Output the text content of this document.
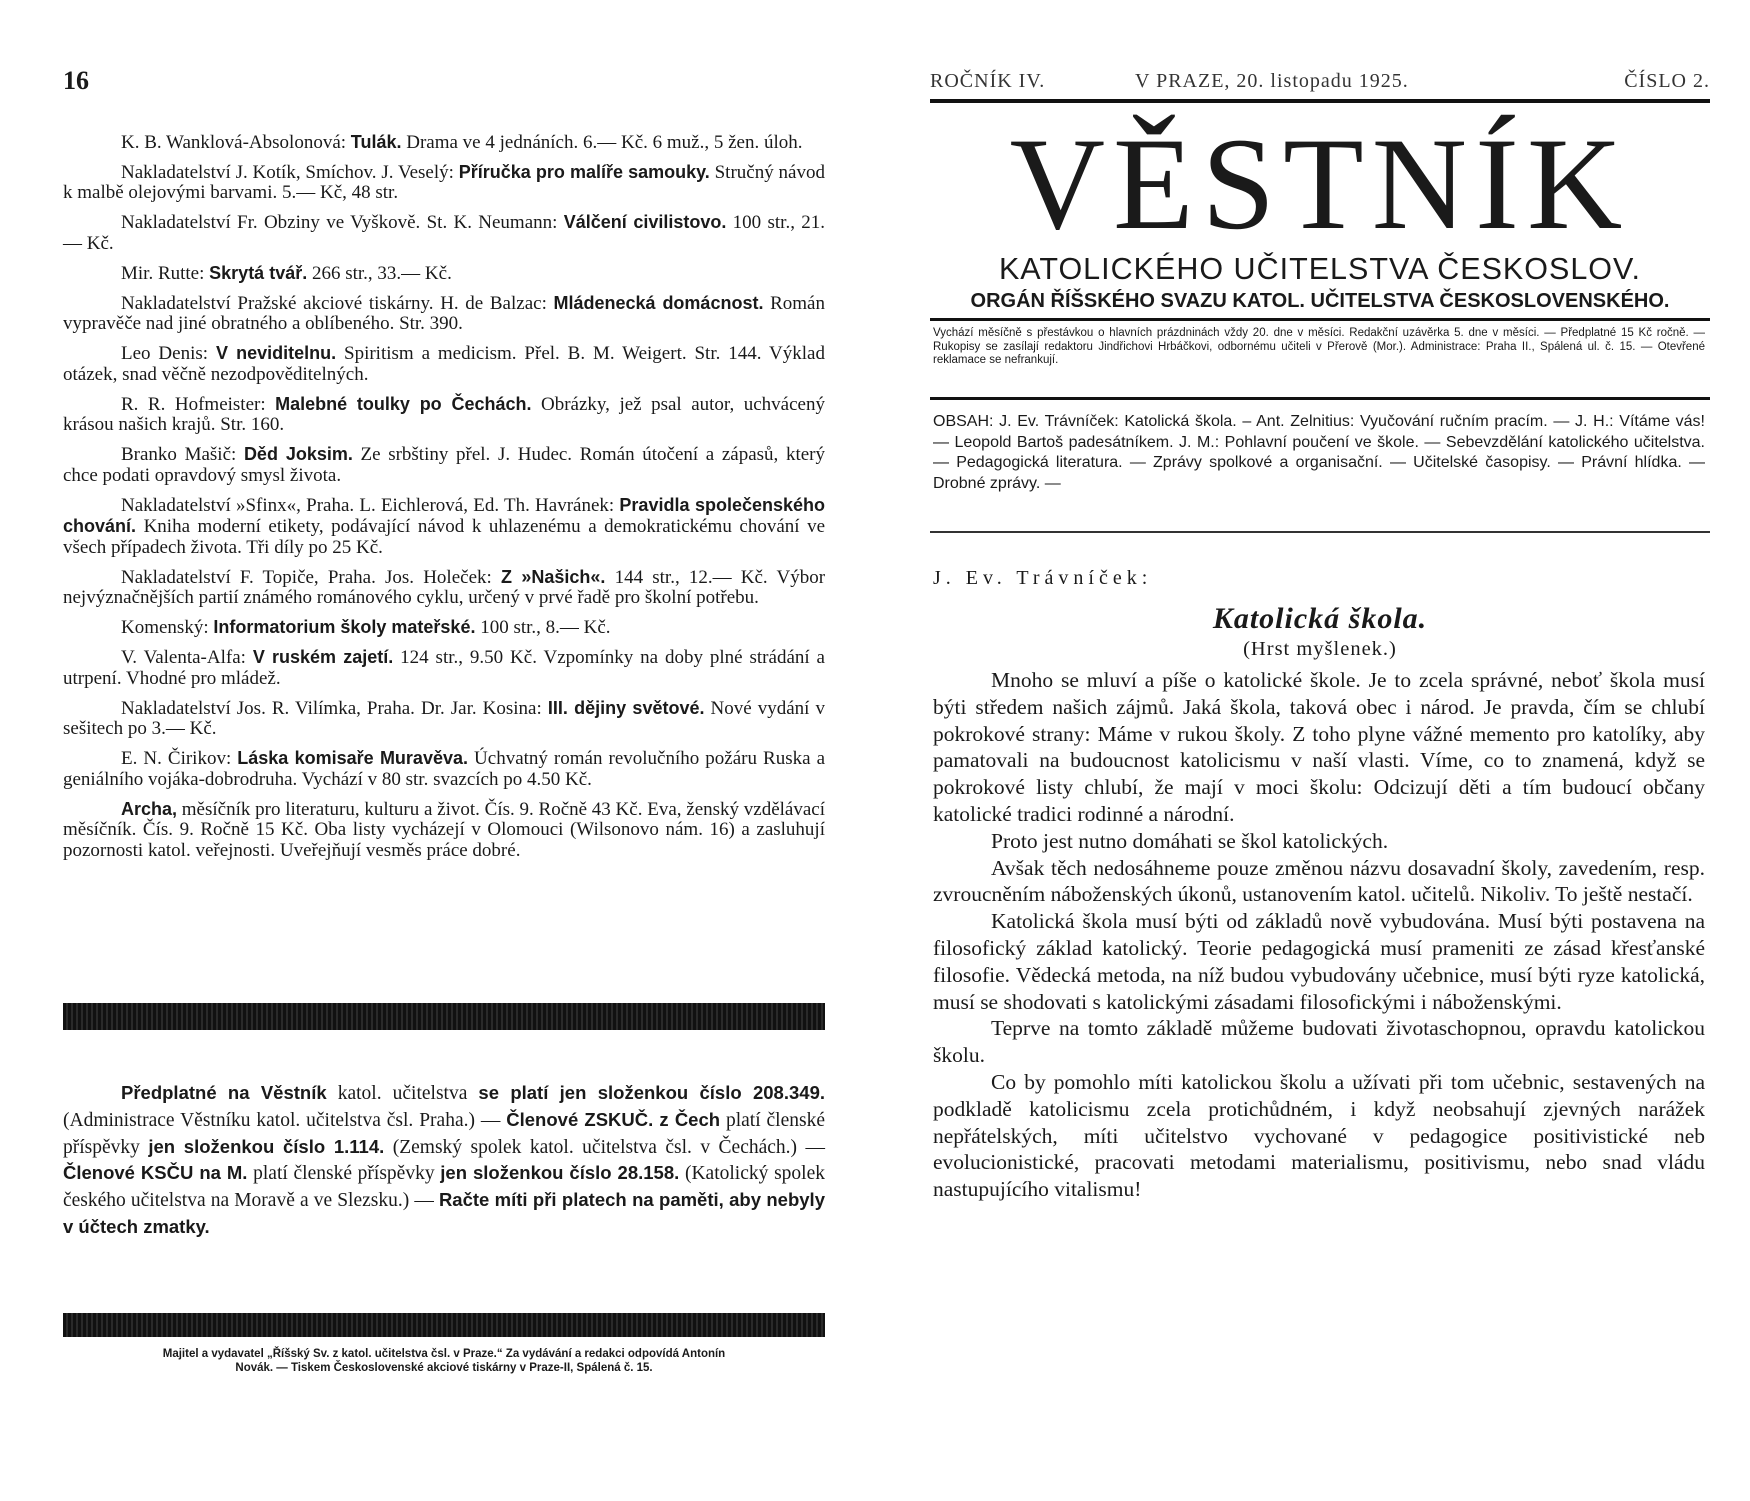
16

K. B. Wanklová-Absolonová: Tulák. Drama ve 4 jednáních. 6.— Kč. 6 muž., 5 žen. úloh.

Nakladatelství J. Kotík, Smíchov. J. Veselý: Příručka pro malíře samouky. Stručný návod k malbě olejovými barvami. 5.— Kč, 48 str.

Nakladatelství Fr. Obziny ve Vyškově. St. K. Neumann: Válčení civilistovo. 100 str., 21.— Kč.

Mir. Rutte: Skrytá tvář. 266 str., 33.— Kč.

Nakladatelství Pražské akciové tiskárny. H. de Balzac: Mládenecká domácnost. Román vypravěče nad jiné obratného a oblíbeného. Str. 390.

Leo Denis: V neviditelnu. Spiritism a medicism. Přel. B. M. Weigert. Str. 144. Výklad otázek, snad věčně nezodpověditelných.

R. R. Hofmeister: Malebné toulky po Čechách. Obrázky, jež psal autor, uchvácený krásou našich krajů. Str. 160.

Branko Mašič: Děd Joksim. Ze srbštiny přel. J. Hudec. Román útočení a zápasů, který chce podati opravdový smysl života.

Nakladatelství »Sfinx«, Praha. L. Eichlerová, Ed. Th. Havránek: Pravidla společenského chování. Kniha moderní etikety, podávající návod k uhlazenému a demokratickému chování ve všech případech života. Tři díly po 25 Kč.

Nakladatelství F. Topiče, Praha. Jos. Holeček: Z »Našich«. 144 str., 12.— Kč. Výbor nejvýznačnějších partií známého románového cyklu, určený v prvé řadě pro školní potřebu.

Komenský: Informatorium školy mateřské. 100 str., 8.— Kč.

V. Valenta-Alfa: V ruském zajetí. 124 str., 9.50 Kč. Vzpomínky na doby plné strádání a utrpení. Vhodné pro mládež.

Nakladatelství Jos. R. Vilímka, Praha. Dr. Jar. Kosina: III. dějiny světové. Nové vydání v sešitech po 3.— Kč.

E. N. Čirikov: Láska komisaře Muravěva. Úchvatný román revolučního požáru Ruska a geniálního vojáka-dobrodruha. Vychází v 80 str. svazcích po 4.50 Kč.

Archa, měsíčník pro literaturu, kulturu a život. Čís. 9. Ročně 43 Kč. Eva, ženský vzdělávací měsíčník. Čís. 9. Ročně 15 Kč. Oba listy vycházejí v Olomouci (Wilsonovo nám. 16) a zasluhují pozornosti katol. veřejnosti. Uveřejňují vesměs práce dobré.

Předplatné na Věstník katol. učitelstva se platí jen složenkou číslo 208.349. (Administrace Věstníku katol. učitelstva čsl. Praha.) — Členové ZSKUČ. z Čech platí členské příspěvky jen složenkou číslo 1.114. (Zemský spolek katol. učitelstva čsl. v Čechách.) — Členové KSČU na M. platí členské příspěvky jen složenkou číslo 28.158. (Katolický spolek českého učitelstva na Moravě a ve Slezsku.) — Račte míti při platech na paměti, aby nebyly v účtech zmatky.

Majitel a vydavatel „Říšský Sv. z katol. učitelstva čsl. v Praze.“ Za vydávání a redakci odpovídá Antonín
Novák. — Tiskem Československé akciové tiskárny v Praze-II, Spálená č. 15.
ROČNÍK IV.	V PRAZE, 20. listopadu 1925.	ČÍSLO 2.
VĚSTNÍK
KATOLICKÉHO UČITELSTVA ČESKOSLOV.
ORGÁN ŘÍŠSKÉHO SVAZU KATOL. UČITELSTVA ČESKOSLOVENSKÉHO.
Vychází měsíčně s přestávkou o hlavních prázdninách vždy 20. dne v měsíci. Redakční uzávěrka 5. dne v měsíci. — Předplatné 15 Kč ročně. — Rukopisy se zasílají redaktoru Jindřichovi Hrbáčkovi, odbornému učiteli v Přerově (Mor.). Administrace: Praha II., Spálená ul. č. 15. — Otevřené reklamace se nefrankují.
OBSAH: J. Ev. Trávníček: Katolická škola. – Ant. Zelnitius: Vyučování ručním pracím. — J. H.: Vítáme vás! — Leopold Bartoš padesátníkem. J. M.: Pohlavní poučení ve škole. — Sebevzdělání katolického učitelstva. — Pedagogická literatura. — Zprávy spolkové a organisační. — Učitelské časopisy. — Právní hlídka. — Drobné zprávy. —
J. Ev. Trávníček:
Katolická škola.
(Hrst myšlenek.)

Mnoho se mluví a píše o katolické škole. Je to zcela správné, neboť škola musí býti středem našich zájmů. Jaká škola, taková obec i národ. Je pravda, čím se chlubí pokrokové strany: Máme v rukou školy. Z toho plyne vážné memento pro katolíky, aby pamatovali na budoucnost katolicismu v naší vlasti. Víme, co to znamená, když se pokrokové listy chlubí, že mají v moci školu: Odcizují děti a tím budoucí občany katolické tradici rodinné a národní.

Proto jest nutno domáhati se škol katolických.

Avšak těch nedosáhneme pouze změnou názvu dosavadní školy, zavedením, resp. zvroucněním náboženských úkonů, ustanovením katol. učitelů. Nikoliv. To ještě nestačí.

Katolická škola musí býti od základů nově vybudována. Musí býti postavena na filosofický základ katolický. Teorie pedagogická musí prameniti ze zásad křesťanské filosofie. Vědecká metoda, na níž budou vybudovány učebnice, musí býti ryze katolická, musí se shodovati s katolickými zásadami filosofickými i náboženskými.

Teprve na tomto základě můžeme budovati životaschopnou, opravdu katolickou školu.

Co by pomohlo míti katolickou školu a užívati při tom učebnic, sestavených na podkladě katolicismu zcela protichůdném, i když neobsahují zjevných narážek nepřátelských, míti učitelstvo vychované v pedagogice positivistické neb evolucionistické, pracovati metodami materialismu, positivismu, nebo snad vládu nastupujícího vitalismu!
